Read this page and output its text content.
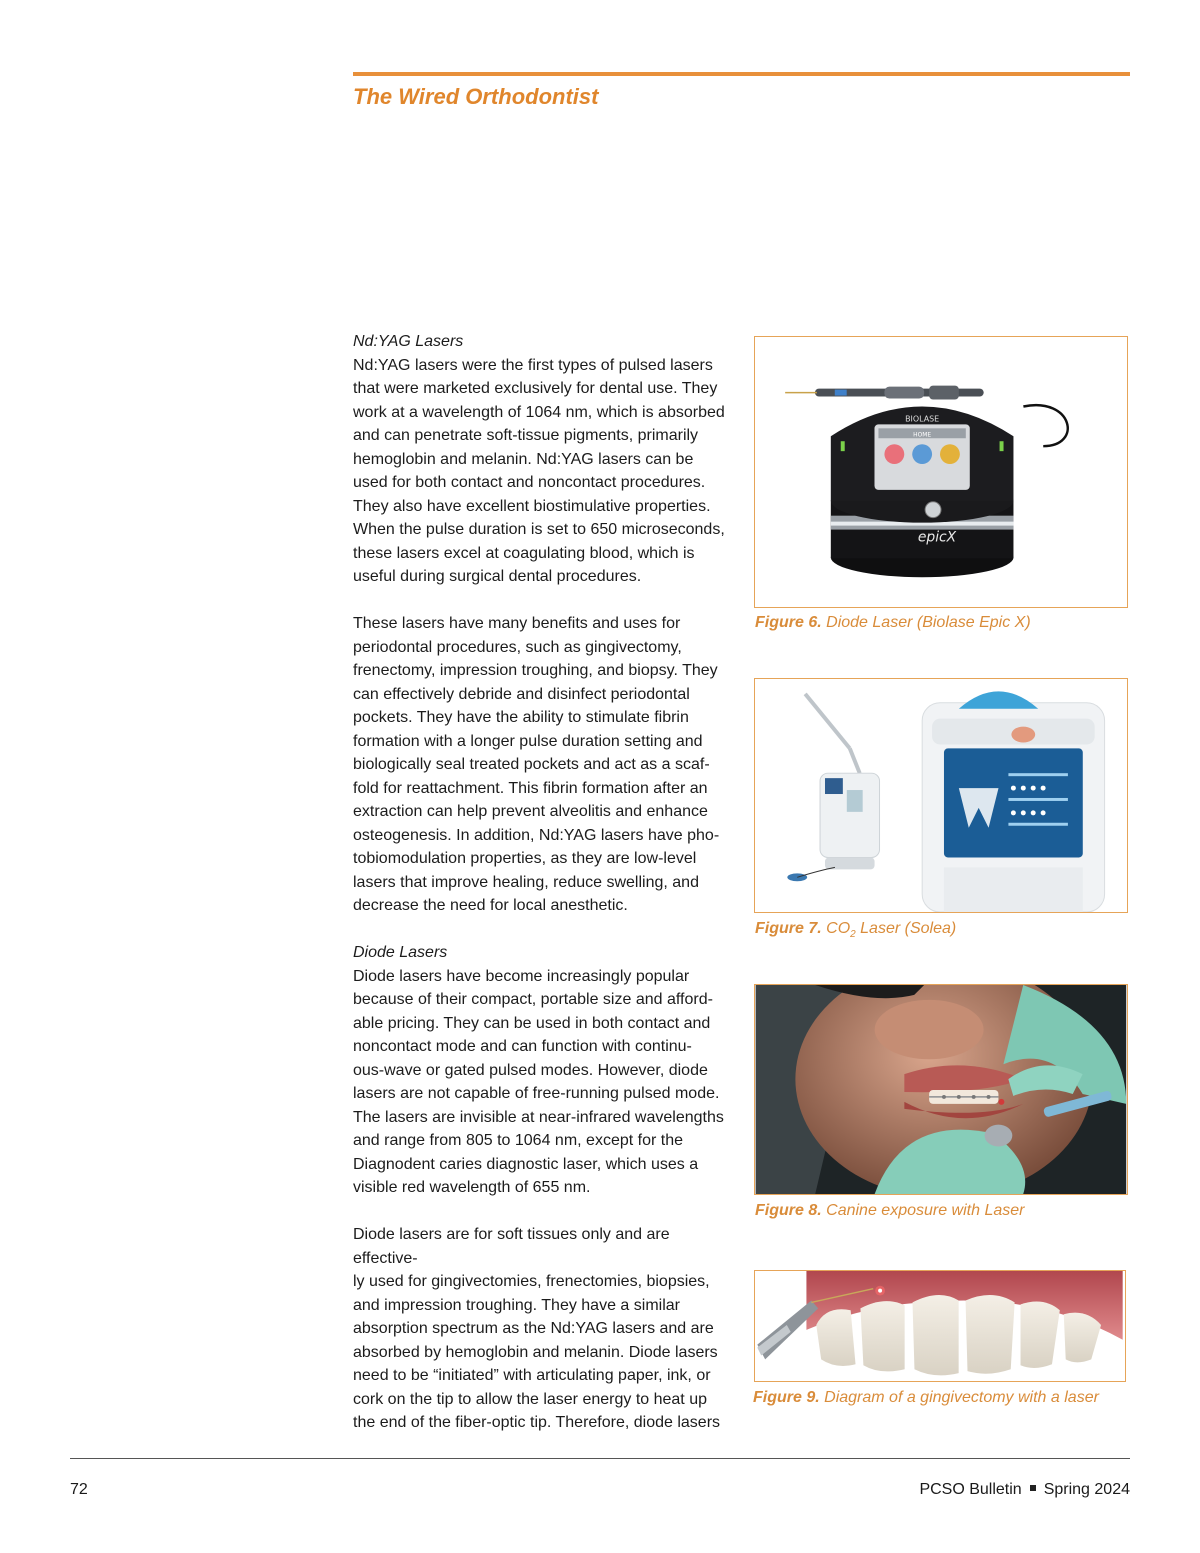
The Wired Orthodontist

Nd:YAG Lasers

Nd:YAG lasers were the first types of pulsed lasers
that were marketed exclusively for dental use. They
work at a wavelength of 1064 nm, which is absorbed
and can penetrate soft-tissue pigments, primarily
hemoglobin and melanin. Nd:YAG lasers can be
used for both contact and noncontact procedures.
They also have excellent biostimulative properties.
When the pulse duration is set to 650 microseconds,
these lasers excel at coagulating blood, which is
useful during surgical dental procedures.
These lasers have many benefits and uses for
periodontal procedures, such as gingivectomy,
frenectomy, impression troughing, and biopsy. They
can effectively debride and disinfect periodontal
pockets. They have the ability to stimulate fibrin
formation with a longer pulse duration setting and
biologically seal treated pockets and act as a scaf-
fold for reattachment. This fibrin formation after an
extraction can help prevent alveolitis and enhance
osteogenesis. In addition, Nd:YAG lasers have pho-
tobiomodulation properties, as they are low-level
lasers that improve healing, reduce swelling, and
decrease the need for local anesthetic.

Diode Lasers

Diode lasers have become increasingly popular
because of their compact, portable size and afford-
able pricing. They can be used in both contact and
noncontact mode and can function with continu-
ous-wave or gated pulsed modes. However, diode
lasers are not capable of free-running pulsed mode.
The lasers are invisible at near-infrared wavelengths
and range from 805 to 1064 nm, except for the
Diagnodent caries diagnostic laser, which uses a
visible red wavelength of 655 nm.
Diode lasers are for soft tissues only and are effective-
ly used for gingivectomies, frenectomies, biopsies,
and impression troughing. They have a similar
absorption spectrum as the Nd:YAG lasers and are
absorbed by hemoglobin and melanin. Diode lasers
need to be “initiated” with articulating paper, ink, or
cork on the tip to allow the laser energy to heat up
the end of the fiber-optic tip. Therefore, diode lasers
BIOLASE
HOME
epicX
Figure 6. Diode Laser (Biolase Epic X)
Figure 7. $CO_2$ Laser (Solea)
Figure 8. Canine exposure with Laser
Figure 9. Diagram of a gingivectomy with a laser
72	PCSO Bulletin Spring 2024
